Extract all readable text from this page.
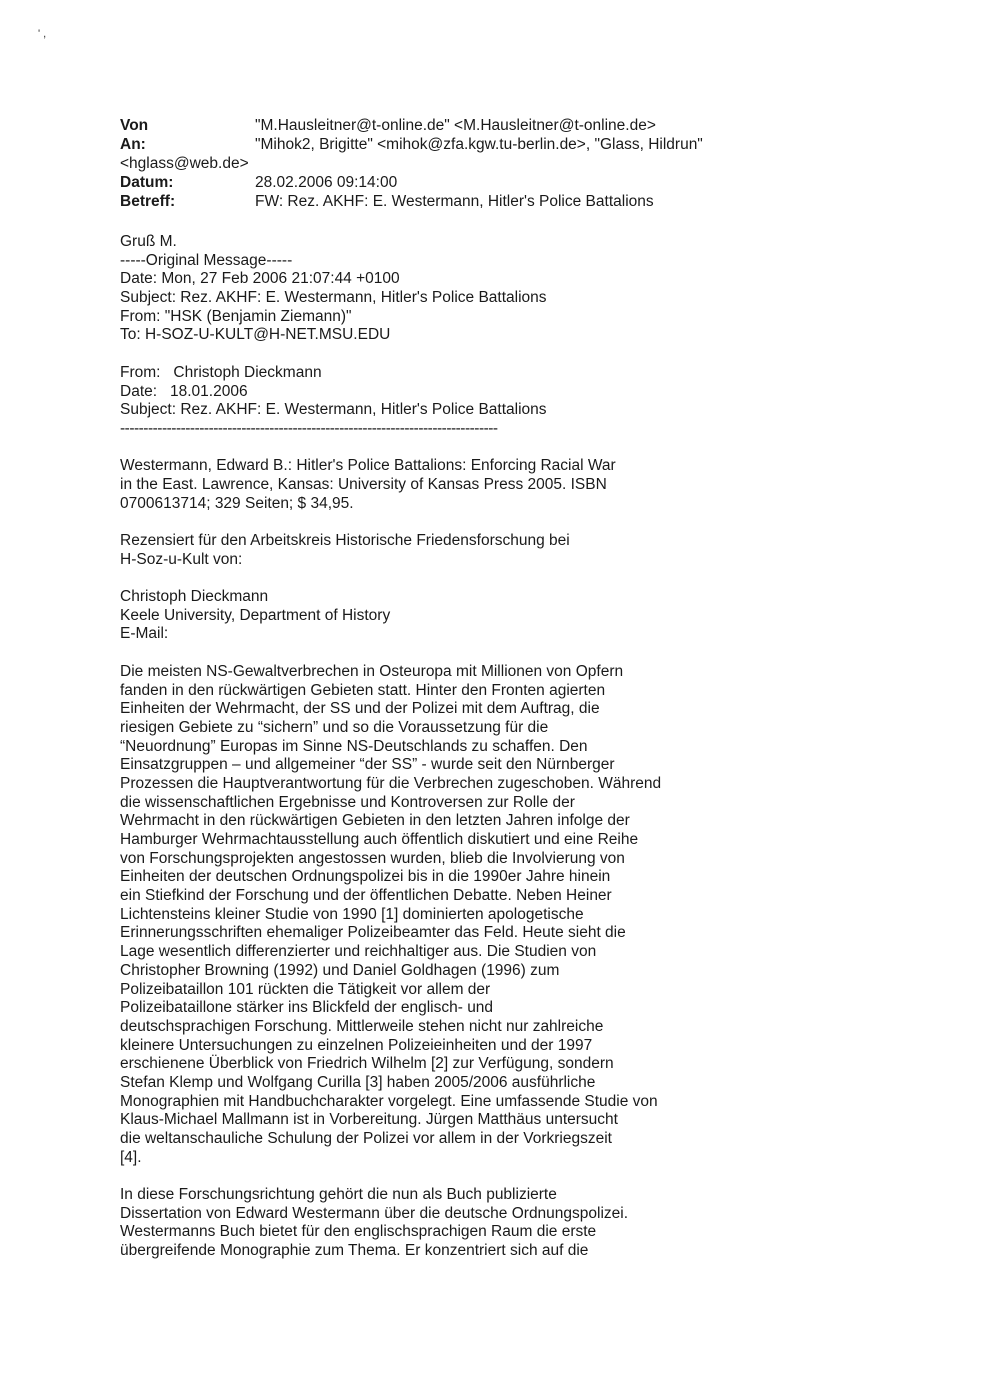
' ,
Von	"M.Hausleitner@t-online.de" <M.Hausleitner@t-online.de>
An:	"Mihok2, Brigitte" <mihok@zfa.kgw.tu-berlin.de>, "Glass, Hildrun"
<hglass@web.de>
Datum:	28.02.2006 09:14:00
Betreff:	FW: Rez. AKHF: E. Westermann, Hitler's Police Battalions
Gruß M.
-----Original Message-----
Date: Mon, 27 Feb 2006 21:07:44 +0100
Subject: Rez. AKHF: E. Westermann, Hitler's Police Battalions
From: "HSK (Benjamin Ziemann)"
To: H-SOZ-U-KULT@H-NET.MSU.EDU
From: Christoph Dieckmann
Date: 18.01.2006
Subject: Rez. AKHF: E. Westermann, Hitler's Police Battalions
---------------------------------------------------------------------------------
Westermann, Edward B.: Hitler's Police Battalions: Enforcing Racial War
in the East. Lawrence, Kansas: University of Kansas Press 2005. ISBN
0700613714; 329 Seiten; $ 34,95.
Rezensiert für den Arbeitskreis Historische Friedensforschung bei
H-Soz-u-Kult von:
Christoph Dieckmann
Keele University, Department of History
E-Mail:
Die meisten NS-Gewaltverbrechen in Osteuropa mit Millionen von Opfern
fanden in den rückwärtigen Gebieten statt. Hinter den Fronten agierten
Einheiten der Wehrmacht, der SS und der Polizei mit dem Auftrag, die
riesigen Gebiete zu “sichern” und so die Voraussetzung für die
“Neuordnung” Europas im Sinne NS-Deutschlands zu schaffen. Den
Einsatzgruppen – und allgemeiner “der SS” - wurde seit den Nürnberger
Prozessen die Hauptverantwortung für die Verbrechen zugeschoben. Während
die wissenschaftlichen Ergebnisse und Kontroversen zur Rolle der
Wehrmacht in den rückwärtigen Gebieten in den letzten Jahren infolge der
Hamburger Wehrmachtausstellung auch öffentlich diskutiert und eine Reihe
von Forschungsprojekten angestossen wurden, blieb die Involvierung von
Einheiten der deutschen Ordnungspolizei bis in die 1990er Jahre hinein
ein Stiefkind der Forschung und der öffentlichen Debatte. Neben Heiner
Lichtensteins kleiner Studie von 1990 [1] dominierten apologetische
Erinnerungsschriften ehemaliger Polizeibeamter das Feld. Heute sieht die
Lage wesentlich differenzierter und reichhaltiger aus. Die Studien von
Christopher Browning (1992) und Daniel Goldhagen (1996) zum
Polizeibataillon 101 rückten die Tätigkeit vor allem der
Polizeibataillone stärker ins Blickfeld der englisch- und
deutschsprachigen Forschung. Mittlerweile stehen nicht nur zahlreiche
kleinere Untersuchungen zu einzelnen Polizeieinheiten und der 1997
erschienene Überblick von Friedrich Wilhelm [2] zur Verfügung, sondern
Stefan Klemp und Wolfgang Curilla [3] haben 2005/2006 ausführliche
Monographien mit Handbuchcharakter vorgelegt. Eine umfassende Studie von
Klaus-Michael Mallmann ist in Vorbereitung. Jürgen Matthäus untersucht
die weltanschauliche Schulung der Polizei vor allem in der Vorkriegszeit
[4].
In diese Forschungsrichtung gehört die nun als Buch publizierte
Dissertation von Edward Westermann über die deutsche Ordnungspolizei.
Westermanns Buch bietet für den englischsprachigen Raum die erste
übergreifende Monographie zum Thema. Er konzentriert sich auf die
